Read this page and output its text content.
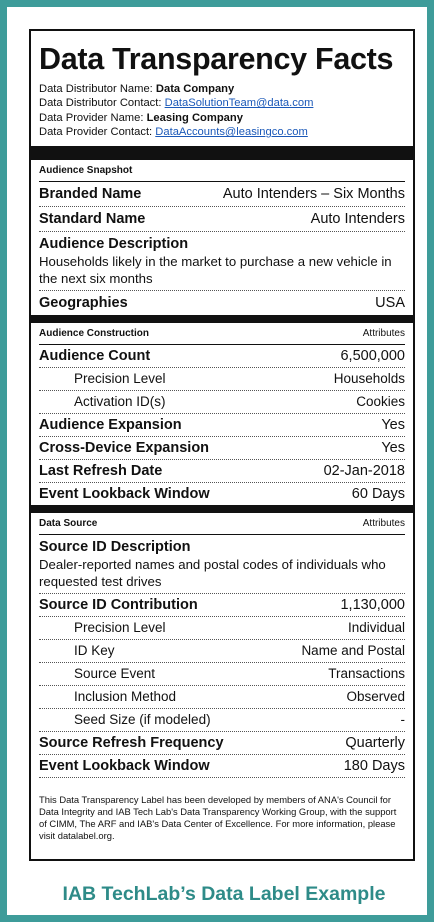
Data Transparency Facts
Data Distributor Name: Data Company
Data Distributor Contact: DataSolutionTeam@data.com
Data Provider Name: Leasing Company
Data Provider Contact: DataAccounts@leasingco.com
Audience Snapshot
Branded Name	Auto Intenders – Six Months
Standard Name	Auto Intenders
Audience Description
Households likely in the market to purchase a new vehicle in the next six months
Geographies	USA
Audience Construction	Attributes
Audience Count	6,500,000
Precision Level	Households
Activation ID(s)	Cookies
Audience Expansion	Yes
Cross-Device Expansion	Yes
Last Refresh Date	02-Jan-2018
Event Lookback Window	60 Days
Data Source	Attributes
Source ID Description
Dealer-reported names and postal codes of individuals who requested test drives
Source ID Contribution	1,130,000
Precision Level	Individual
ID Key	Name and Postal
Source Event	Transactions
Inclusion Method	Observed
Seed Size (if modeled)	-
Source Refresh Frequency	Quarterly
Event Lookback Window	180 Days
This Data Transparency Label has been developed by members of ANA's Council for Data Integrity and IAB Tech Lab's Data Transparency Working Group, with the support of CIMM, The ARF and IAB's Data Center of Excellence. For more information, please visit datalabel.org.
IAB TechLab’s Data Label Example
